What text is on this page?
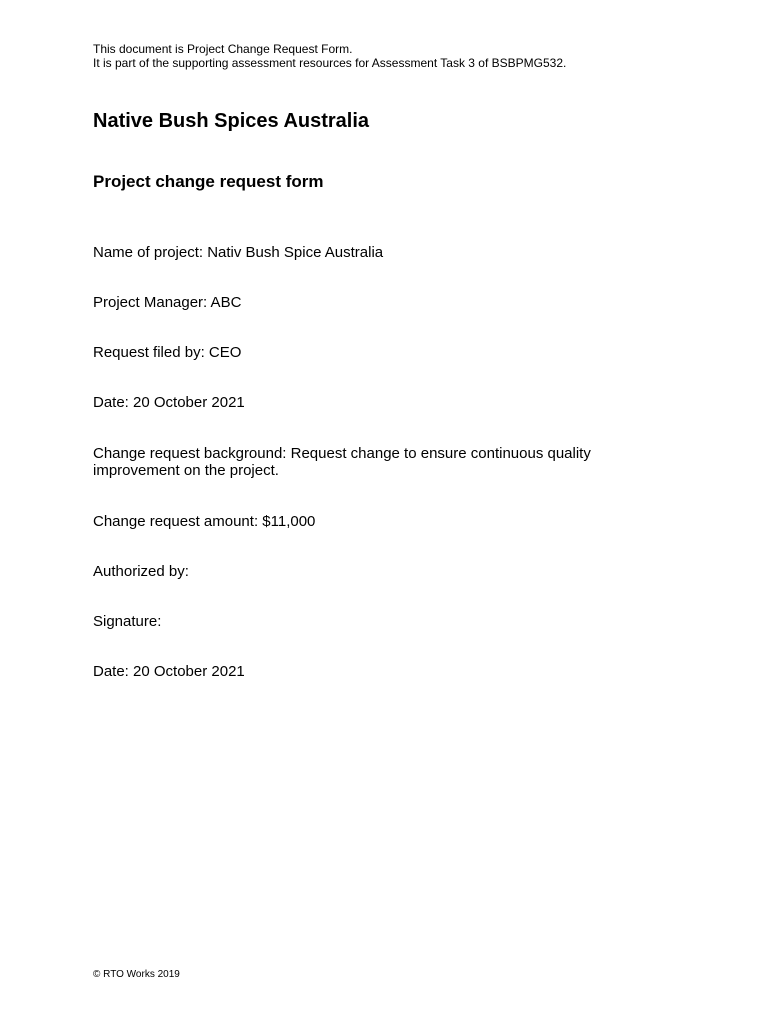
This document is Project Change Request Form.
It is part of the supporting assessment resources for Assessment Task 3 of BSBPMG532.
Native Bush Spices Australia
Project change request form
Name of project: Nativ Bush Spice Australia
Project Manager: ABC
Request filed by: CEO
Date: 20 October 2021
Change request background: Request change to ensure continuous quality improvement on the project.
Change request amount: $11,000
Authorized by:
Signature:
Date: 20 October 2021
© RTO Works 2019
